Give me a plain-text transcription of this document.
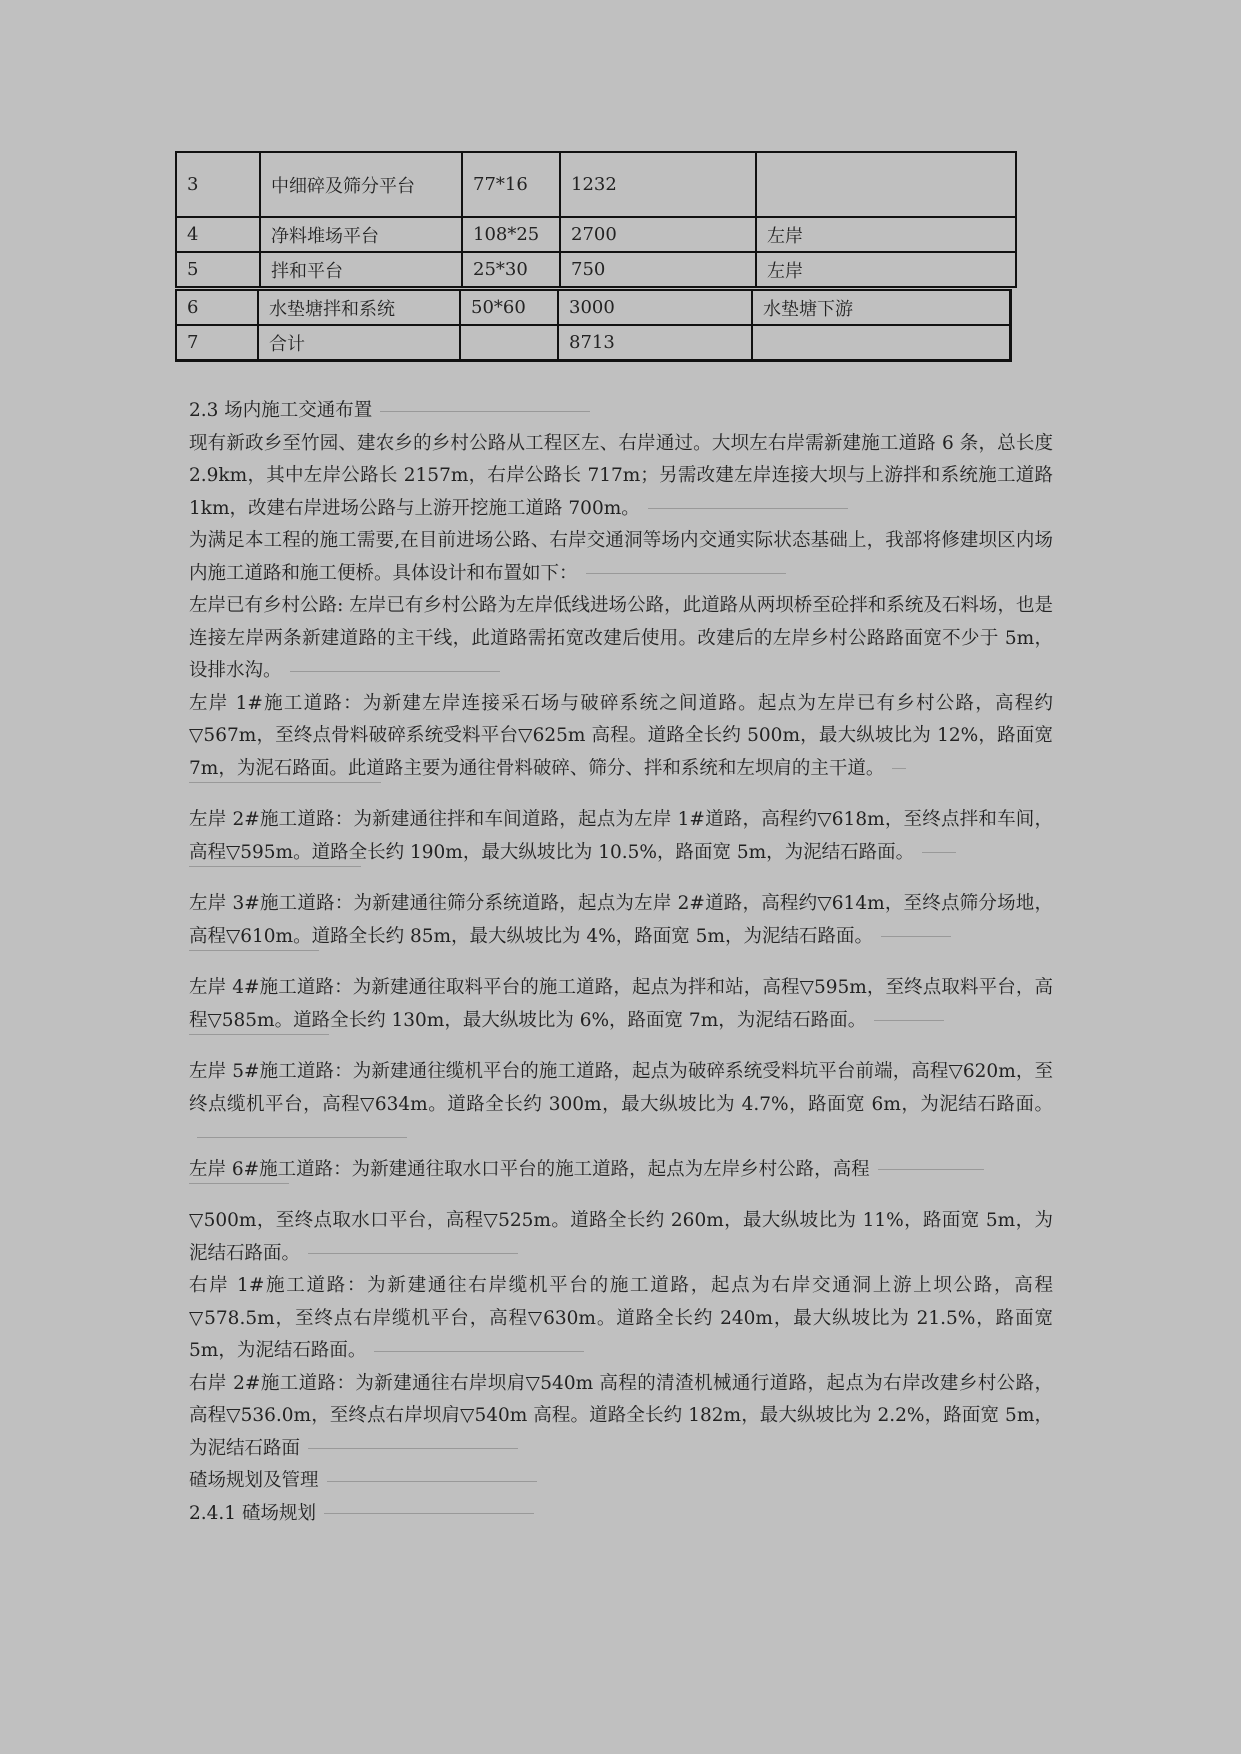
3	中细碎及筛分平台	77*16	1232	
4	净料堆场平台	108*25	2700	左岸
5	拌和平台	25*30	750	左岸
6	水垫塘拌和系统	50*60	3000	水垫塘下游
7	合计		8713	

2.3 场内施工交通布置

现有新政乡至竹园、建农乡的乡村公路从工程区左、右岸通过。大坝左右岸需新建施工道路 6 条，总长度 2.9km，其中左岸公路长 2157m，右岸公路长 717m；另需改建左岸连接大坝与上游拌和系统施工道路 1km，改建右岸进场公路与上游开挖施工道路 700m。

为满足本工程的施工需要,在目前进场公路、右岸交通洞等场内交通实际状态基础上，我部将修建坝区内场内施工道路和施工便桥。具体设计和布置如下：

左岸已有乡村公路: 左岸已有乡村公路为左岸低线进场公路，此道路从两坝桥至砼拌和系统及石料场，也是连接左岸两条新建道路的主干线，此道路需拓宽改建后使用。改建后的左岸乡村公路路面宽不少于 5m，设排水沟。

左岸 1#施工道路：为新建左岸连接采石场与破碎系统之间道路。起点为左岸已有乡村公路，高程约▽567m，至终点骨料破碎系统受料平台▽625m 高程。道路全长约 500m，最大纵坡比为 12%，路面宽 7m，为泥石路面。此道路主要为通往骨料破碎、筛分、拌和系统和左坝肩的主干道。

左岸 2#施工道路：为新建通往拌和车间道路，起点为左岸 1#道路，高程约▽618m，至终点拌和车间，高程▽595m。道路全长约 190m，最大纵坡比为 10.5%，路面宽 5m，为泥结石路面。

左岸 3#施工道路：为新建通往筛分系统道路，起点为左岸 2#道路，高程约▽614m，至终点筛分场地，高程▽610m。道路全长约 85m，最大纵坡比为 4%，路面宽 5m，为泥结石路面。

左岸 4#施工道路：为新建通往取料平台的施工道路，起点为拌和站，高程▽595m，至终点取料平台，高程▽585m。道路全长约 130m，最大纵坡比为 6%，路面宽 7m，为泥结石路面。

左岸 5#施工道路：为新建通往缆机平台的施工道路，起点为破碎系统受料坑平台前端，高程▽620m，至终点缆机平台，高程▽634m。道路全长约 300m，最大纵坡比为 4.7%，路面宽 6m，为泥结石路面。

左岸 6#施工道路：为新建通往取水口平台的施工道路，起点为左岸乡村公路，高程

▽500m，至终点取水口平台，高程▽525m。道路全长约 260m，最大纵坡比为 11%，路面宽 5m，为泥结石路面。

右岸 1#施工道路：为新建通往右岸缆机平台的施工道路，起点为右岸交通洞上游上坝公路，高程▽578.5m，至终点右岸缆机平台，高程▽630m。道路全长约 240m，最大纵坡比为 21.5%，路面宽 5m，为泥结石路面。

右岸 2#施工道路：为新建通往右岸坝肩▽540m 高程的清渣机械通行道路，起点为右岸改建乡村公路，高程▽536.0m，至终点右岸坝肩▽540m 高程。道路全长约 182m，最大纵坡比为 2.2%，路面宽 5m，为泥结石路面

碴场规划及管理

2.4.1 碴场规划
